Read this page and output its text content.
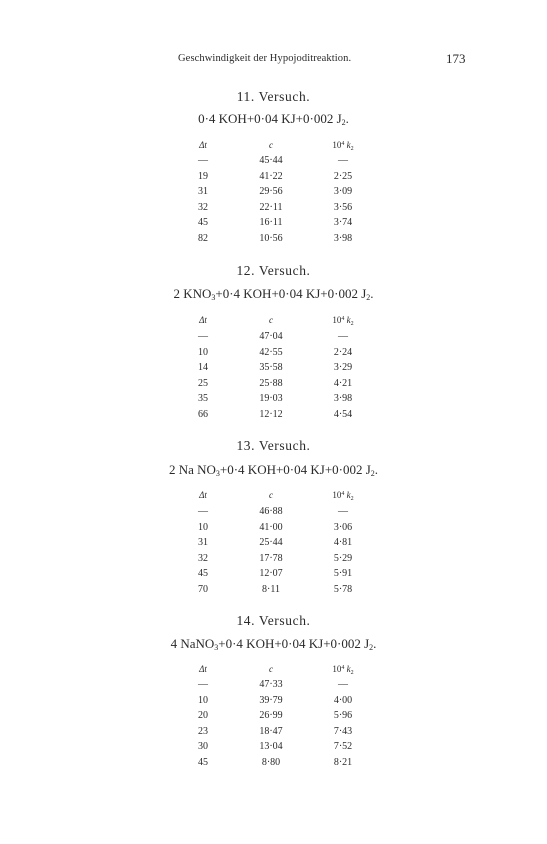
Geschwindigkeit der Hypojoditreaktion.	173
11. Versuch.
0·4 KOH+0·04 KJ+0·002 $J_2$.
Δt	c	$10^4$ $k_2$
—	45·44	—
19	41·22	2·25
31	29·56	3·09
32	22·11	3·56
45	16·11	3·74
82	10·56	3·98
12. Versuch.
2 $KNO_3+0\cdot 4$ KOH+0·04 KJ+0·002 $J_2$.
Δt	c	$10^4$ $k_2$
—	47·04	—
10	42·55	2·24
14	35·58	3·29
25	25·88	4·21
35	19·03	3·98
66	12·12	4·54
13. Versuch.
2 Na $NO_3+0\cdot 4$ KOH+0·04 KJ+0·002 $J_2$.
Δt	c	$10^4$ $k_2$
—	46·88	—
10	41·00	3·06
31	25·44	4·81
32	17·78	5·29
45	12·07	5·91
70	8·11	5·78
14. Versuch.
4 NaNO$_3$+0·4 KOH+0·04 KJ+0·002 $J_2$.
Δt	c	$10^4$ $k_2$
—	47·33	—
10	39·79	4·00
20	26·99	5·96
23	18·47	7·43
30	13·04	7·52
45	8·80	8·21
